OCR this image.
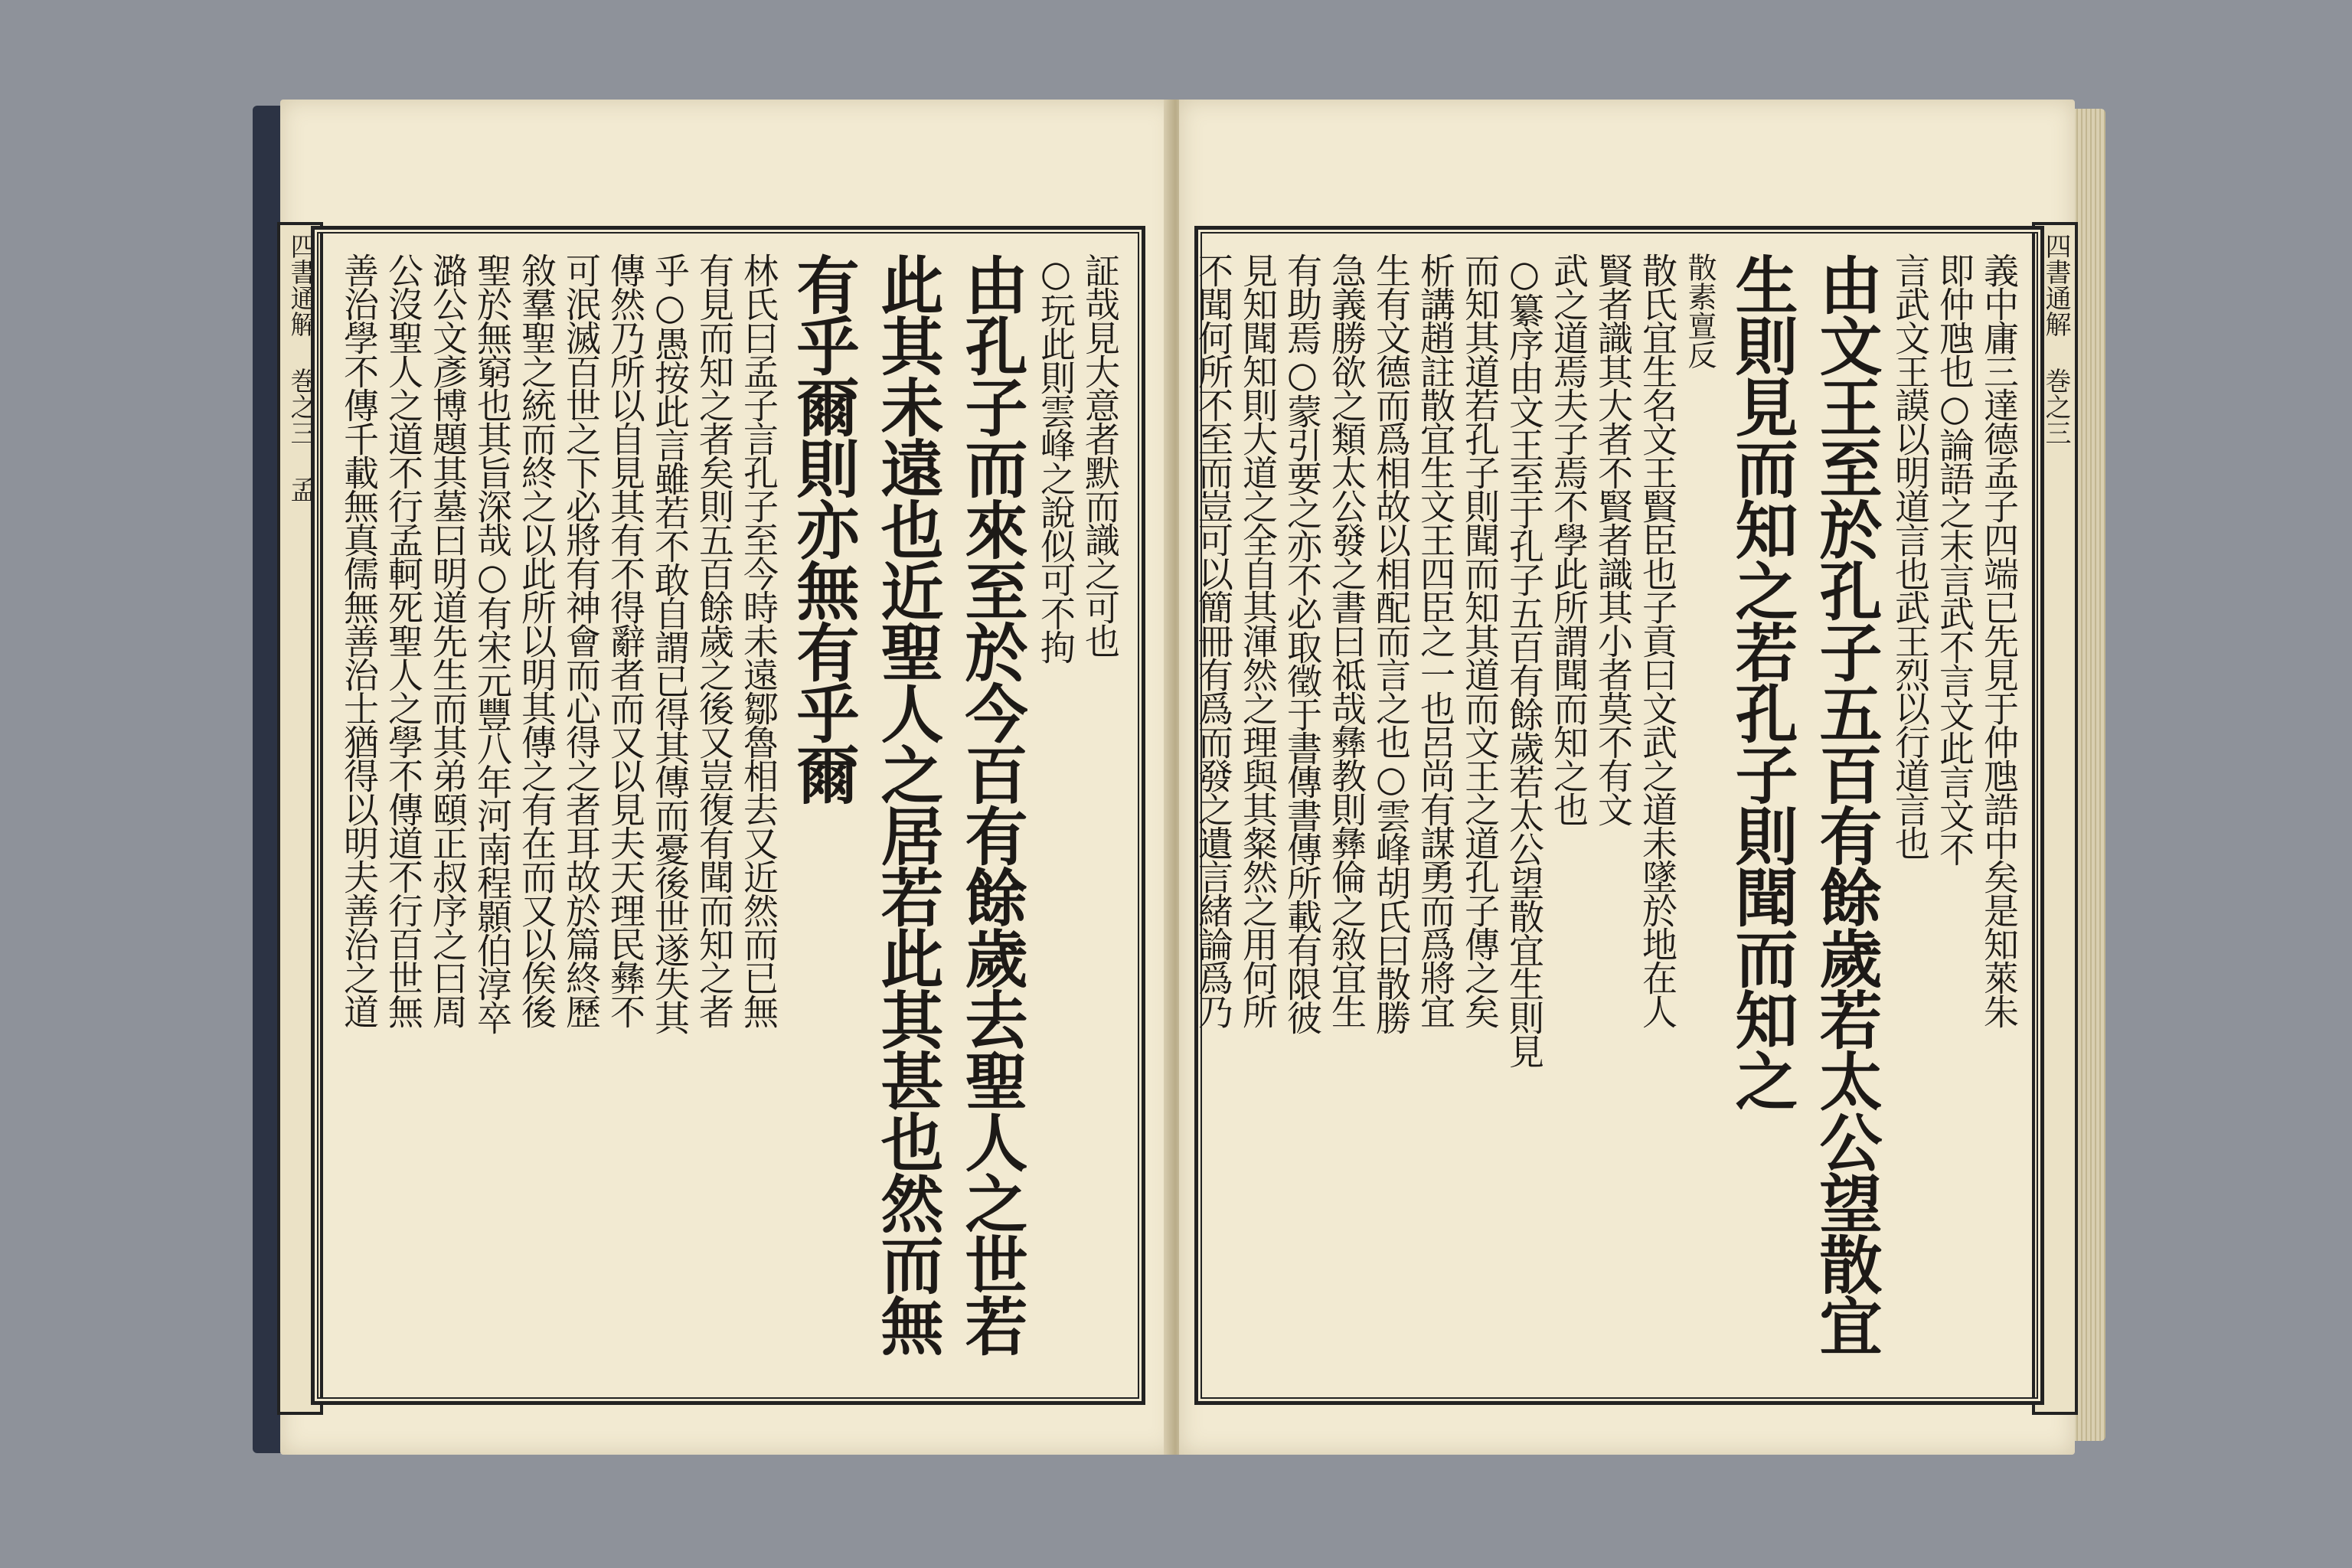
四書通解 巻之三 孟	証哉見大意者默而識之可也
○玩此則雲峰之說似可不拘
由孔子而來至於今百有餘歲去聖人之世若
此其未遠也近聖人之居若此其甚也然而無
有乎爾則亦無有乎爾
林氏曰孟子言孔子至今時未遠鄒魯相去又近然而已無
有見而知之者矣則五百餘歲之後又豈復有聞而知之者
乎○愚按此言雖若不敢自謂已得其傳而憂後世遂失其
傳然乃所以自見其有不得辭者而又以見夫天理民彝不
可泯滅百世之下必將有神會而心得之者耳故於篇終歷
敘羣聖之統而終之以此所以明其傳之有在而又以俟後
聖於無窮也其旨深哉○有宋元豐八年河南程顥伯淳卒
潞公文彥博題其墓曰明道先生而其弟頤正叔序之曰周
公沒聖人之道不行孟軻死聖人之學不傳道不行百世無
善治學不傳千載無真儒無善治士猶得以明夫善治之道	四書通解 巻之三
義中庸三達德孟子四端已先見于仲虺誥中矣是知萊朱
即仲虺也○論語之末言武不言文此言文不
言武文王謨以明道言也武王烈以行道言也
由文王至於孔子五百有餘歲若太公望散宜
生則見而知之若孔子則聞而知之
散素亶反
散氏宜生名文王賢臣也子貢曰文武之道未墜於地在人
賢者識其大者不賢者識其小者莫不有文
武之道焉夫子焉不學此所謂聞而知之也
○纂序由文王至于孔子五百有餘歲若太公望散宜生則見
而知其道若孔子則聞而知其道而文王之道孔子傳之矣
析講趙註散宜生文王四臣之一也呂尚有謀勇而爲將宜
生有文德而爲相故以相配而言之也○雲峰胡氏曰散勝
急義勝欲之類太公發之書曰祗哉彝教則彝倫之敘宜生
有助焉○蒙引要之亦不必取徵于書傳書傳所載有限彼
見知聞知則大道之全自其渾然之理與其粲然之用何所
不聞何所不至而豈可以簡冊有爲而發之遺言緒論爲乃
